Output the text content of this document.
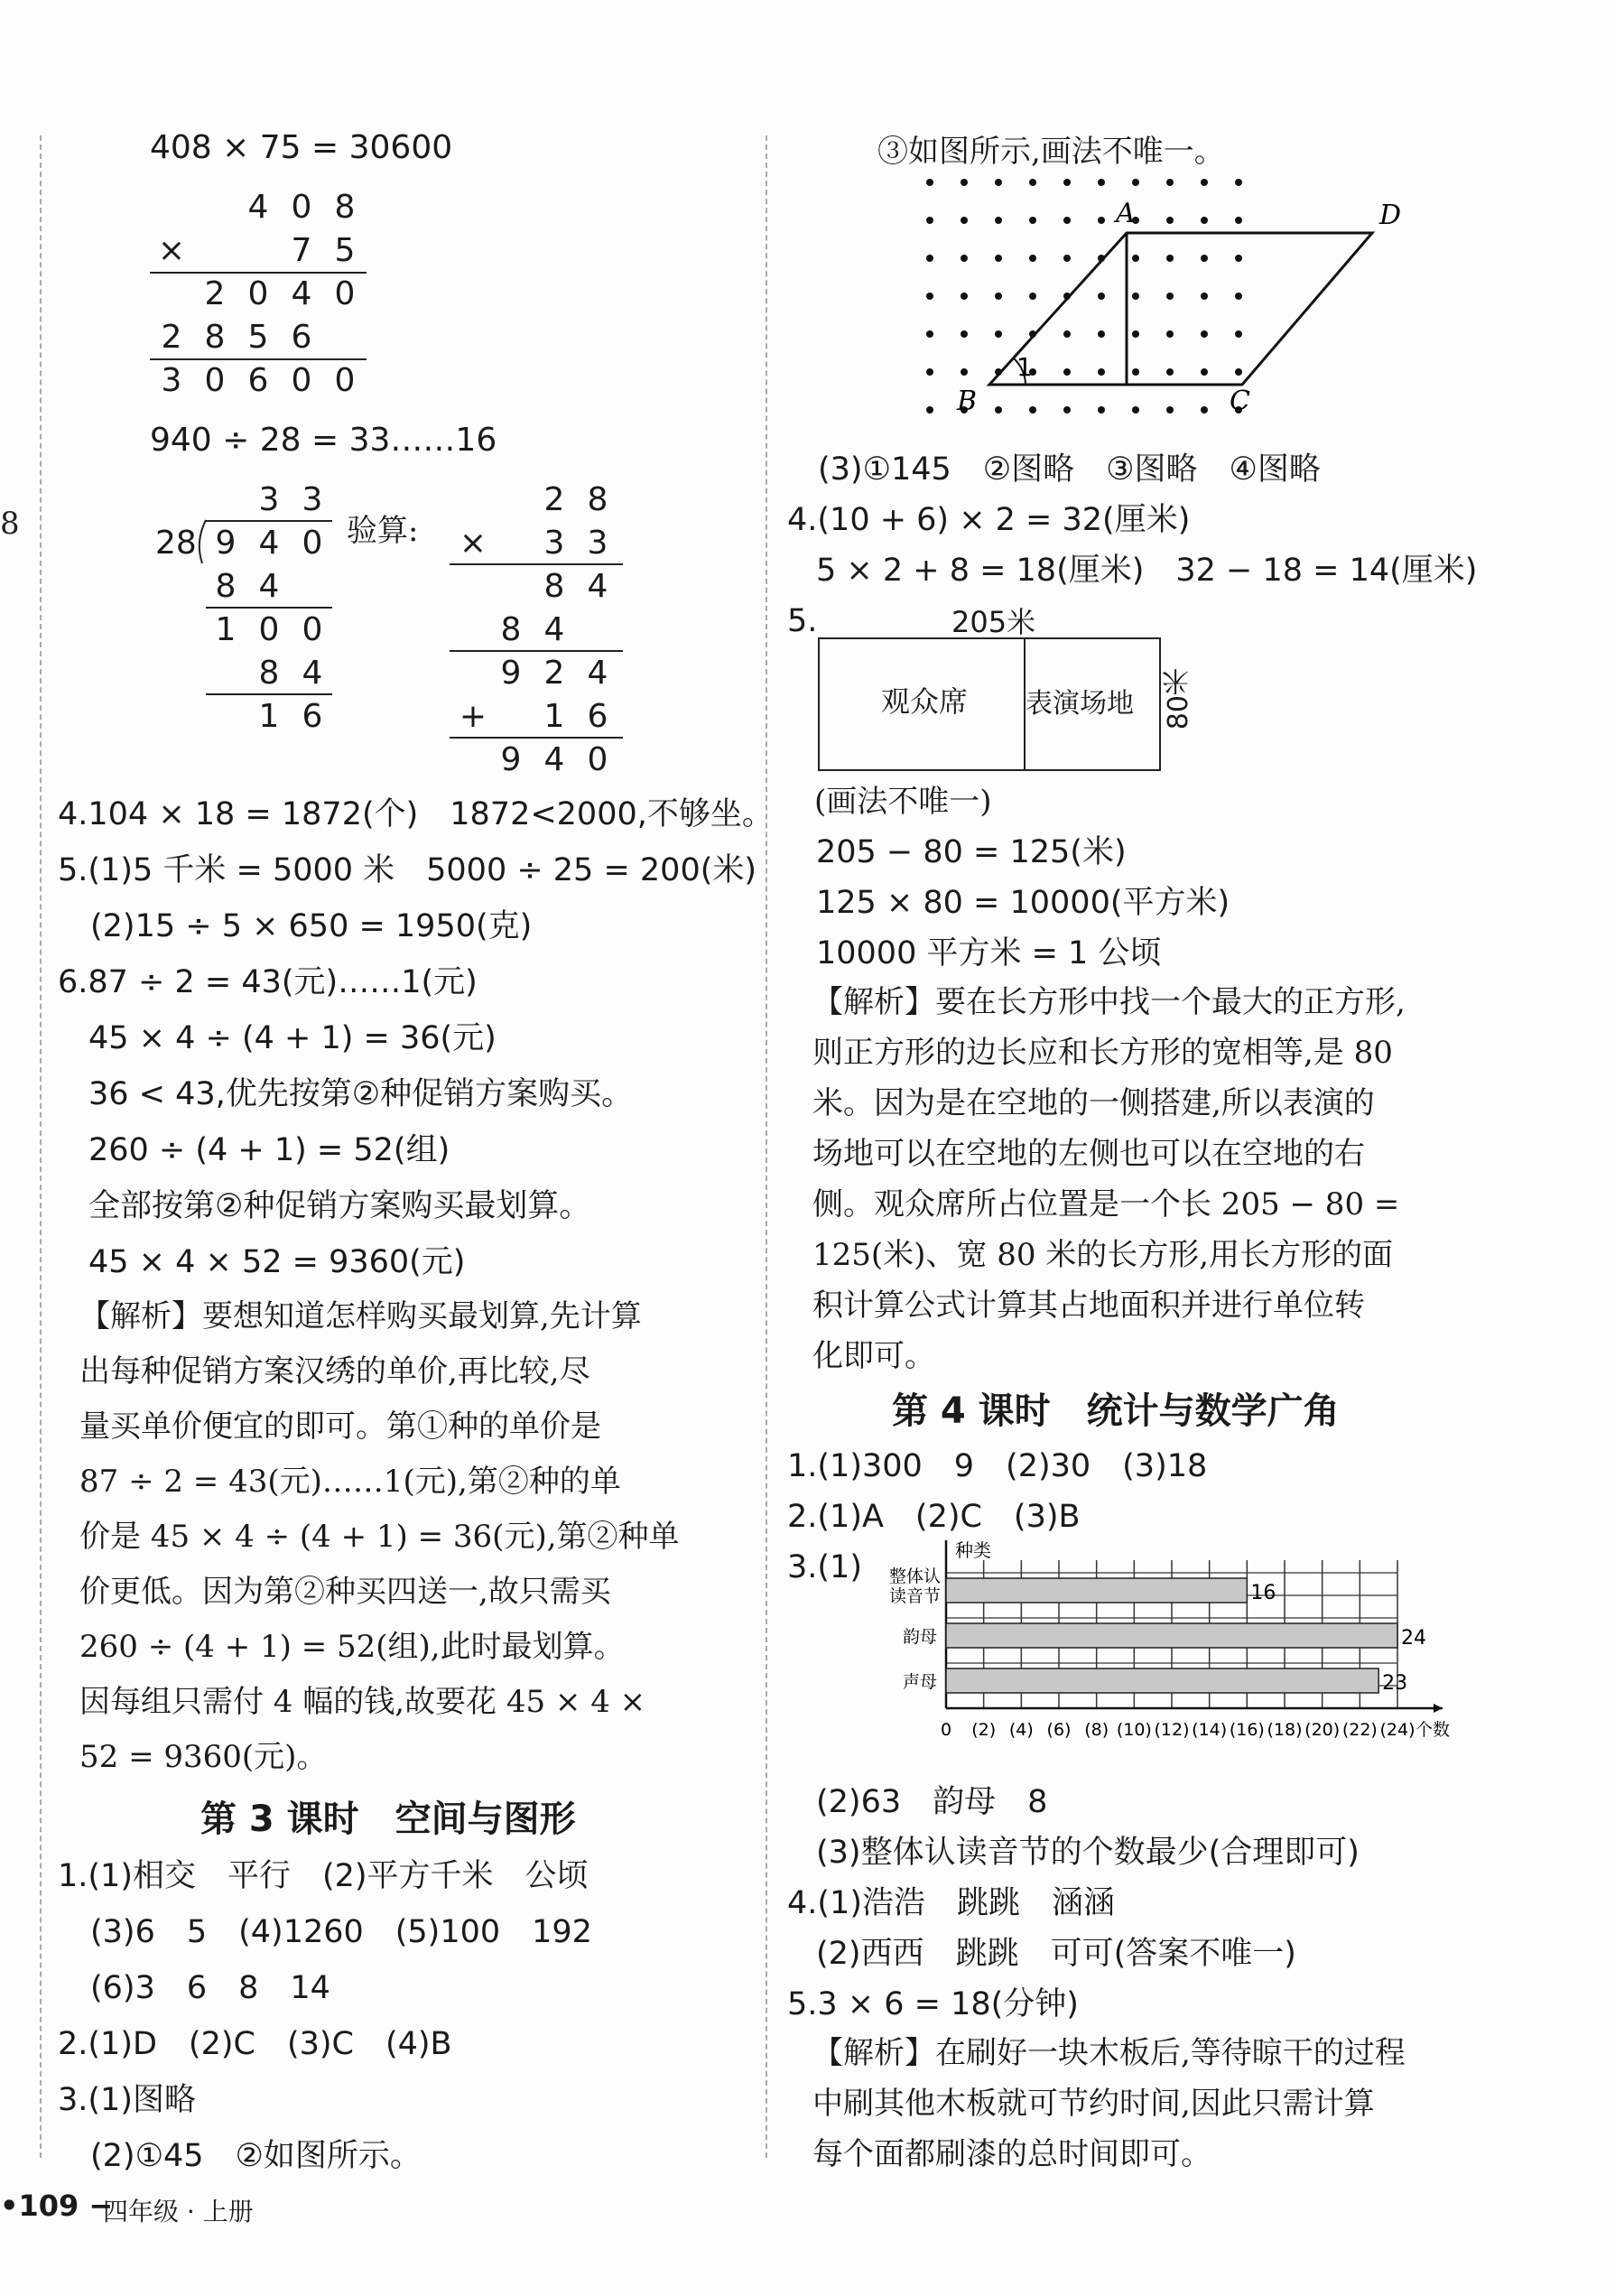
8
408 × 75 = 30600
4 0 8
×	7 5
2 0 4 0
2 8 5 6
3 0 6 0 0
940 ÷ 28 = 33……16
3 3
28 9 4 0
8 4
1 0 0
8 4
1 6
验算:
2 8
× 3 3
8 4
8 4
9 2 4
+ 1 6
9 4 0
4.104 × 18 = 1872(个)　1872<2000,不够坐。
5.(1)5 千米 = 5000 米　5000 ÷ 25 = 200(米)
(2)15 ÷ 5 × 650 = 1950(克)
6.87 ÷ 2 = 43(元)……1(元)
45 × 4 ÷ (4 + 1) = 36(元)
36 < 43,优先按第②种促销方案购买。
260 ÷ (4 + 1) = 52(组)
全部按第②种促销方案购买最划算。
45 × 4 × 52 = 9360(元)
【解析】要想知道怎样购买最划算,先计算
出每种促销方案汉绣的单价,再比较,尽
量买单价便宜的即可。第①种的单价是
87 ÷ 2 = 43(元)……1(元),第②种的单
价是 45 × 4 ÷ (4 + 1) = 36(元),第②种单
价更低。因为第②种买四送一,故只需买
260 ÷ (4 + 1) = 52(组),此时最划算。
因每组只需付 4 幅的钱,故要花 45 × 4 ×
52 = 9360(元)。
第 3 课时　空间与图形
1.(1)相交　平行　(2)平方千米　公顷
(3)6　5　(4)1260　(5)100　192
(6)3　6　8　14
2.(1)D　(2)C　(3)C　(4)B
3.(1)图略
(2)①45　②如图所示。
•109 −
四年级 · 上册
③如图所示,画法不唯一。
1
A	D
B	C
(3)①145　②图略　③图略　④图略
4.(10 + 6) × 2 = 32(厘米)
5 × 2 + 8 = 18(厘米)　32 − 18 = 14(厘米)
5.	205米
观众席 表演场地 80米
(画法不唯一)
205 − 80 = 125(米)
125 × 80 = 10000(平方米)
10000 平方米 = 1 公顷
【解析】要在长方形中找一个最大的正方形,
则正方形的边长应和长方形的宽相等,是 80
米。因为是在空地的一侧搭建,所以表演的
场地可以在空地的左侧也可以在空地的右
侧。观众席所占位置是一个长 205 − 80 =
125(米)、宽 80 米的长方形,用长方形的面
积计算公式计算其占地面积并进行单位转
化即可。
第 4 课时　统计与数学广角
1.(1)300　9　(2)30　(3)18
2.(1)A　(2)C　(3)B
3.(1)	种类
16
整体认
读音节
24
韵母
23
声母
0 (2) (4) (6) (8) (10) (12) (14) (16) (18) (20) (22) (24) 个数
(2)63　韵母　8
(3)整体认读音节的个数最少(合理即可)
4.(1)浩浩　跳跳　涵涵
(2)西西　跳跳　可可(答案不唯一)
5.3 × 6 = 18(分钟)
【解析】在刷好一块木板后,等待晾干的过程
中刷其他木板就可节约时间,因此只需计算
每个面都刷漆的总时间即可。
